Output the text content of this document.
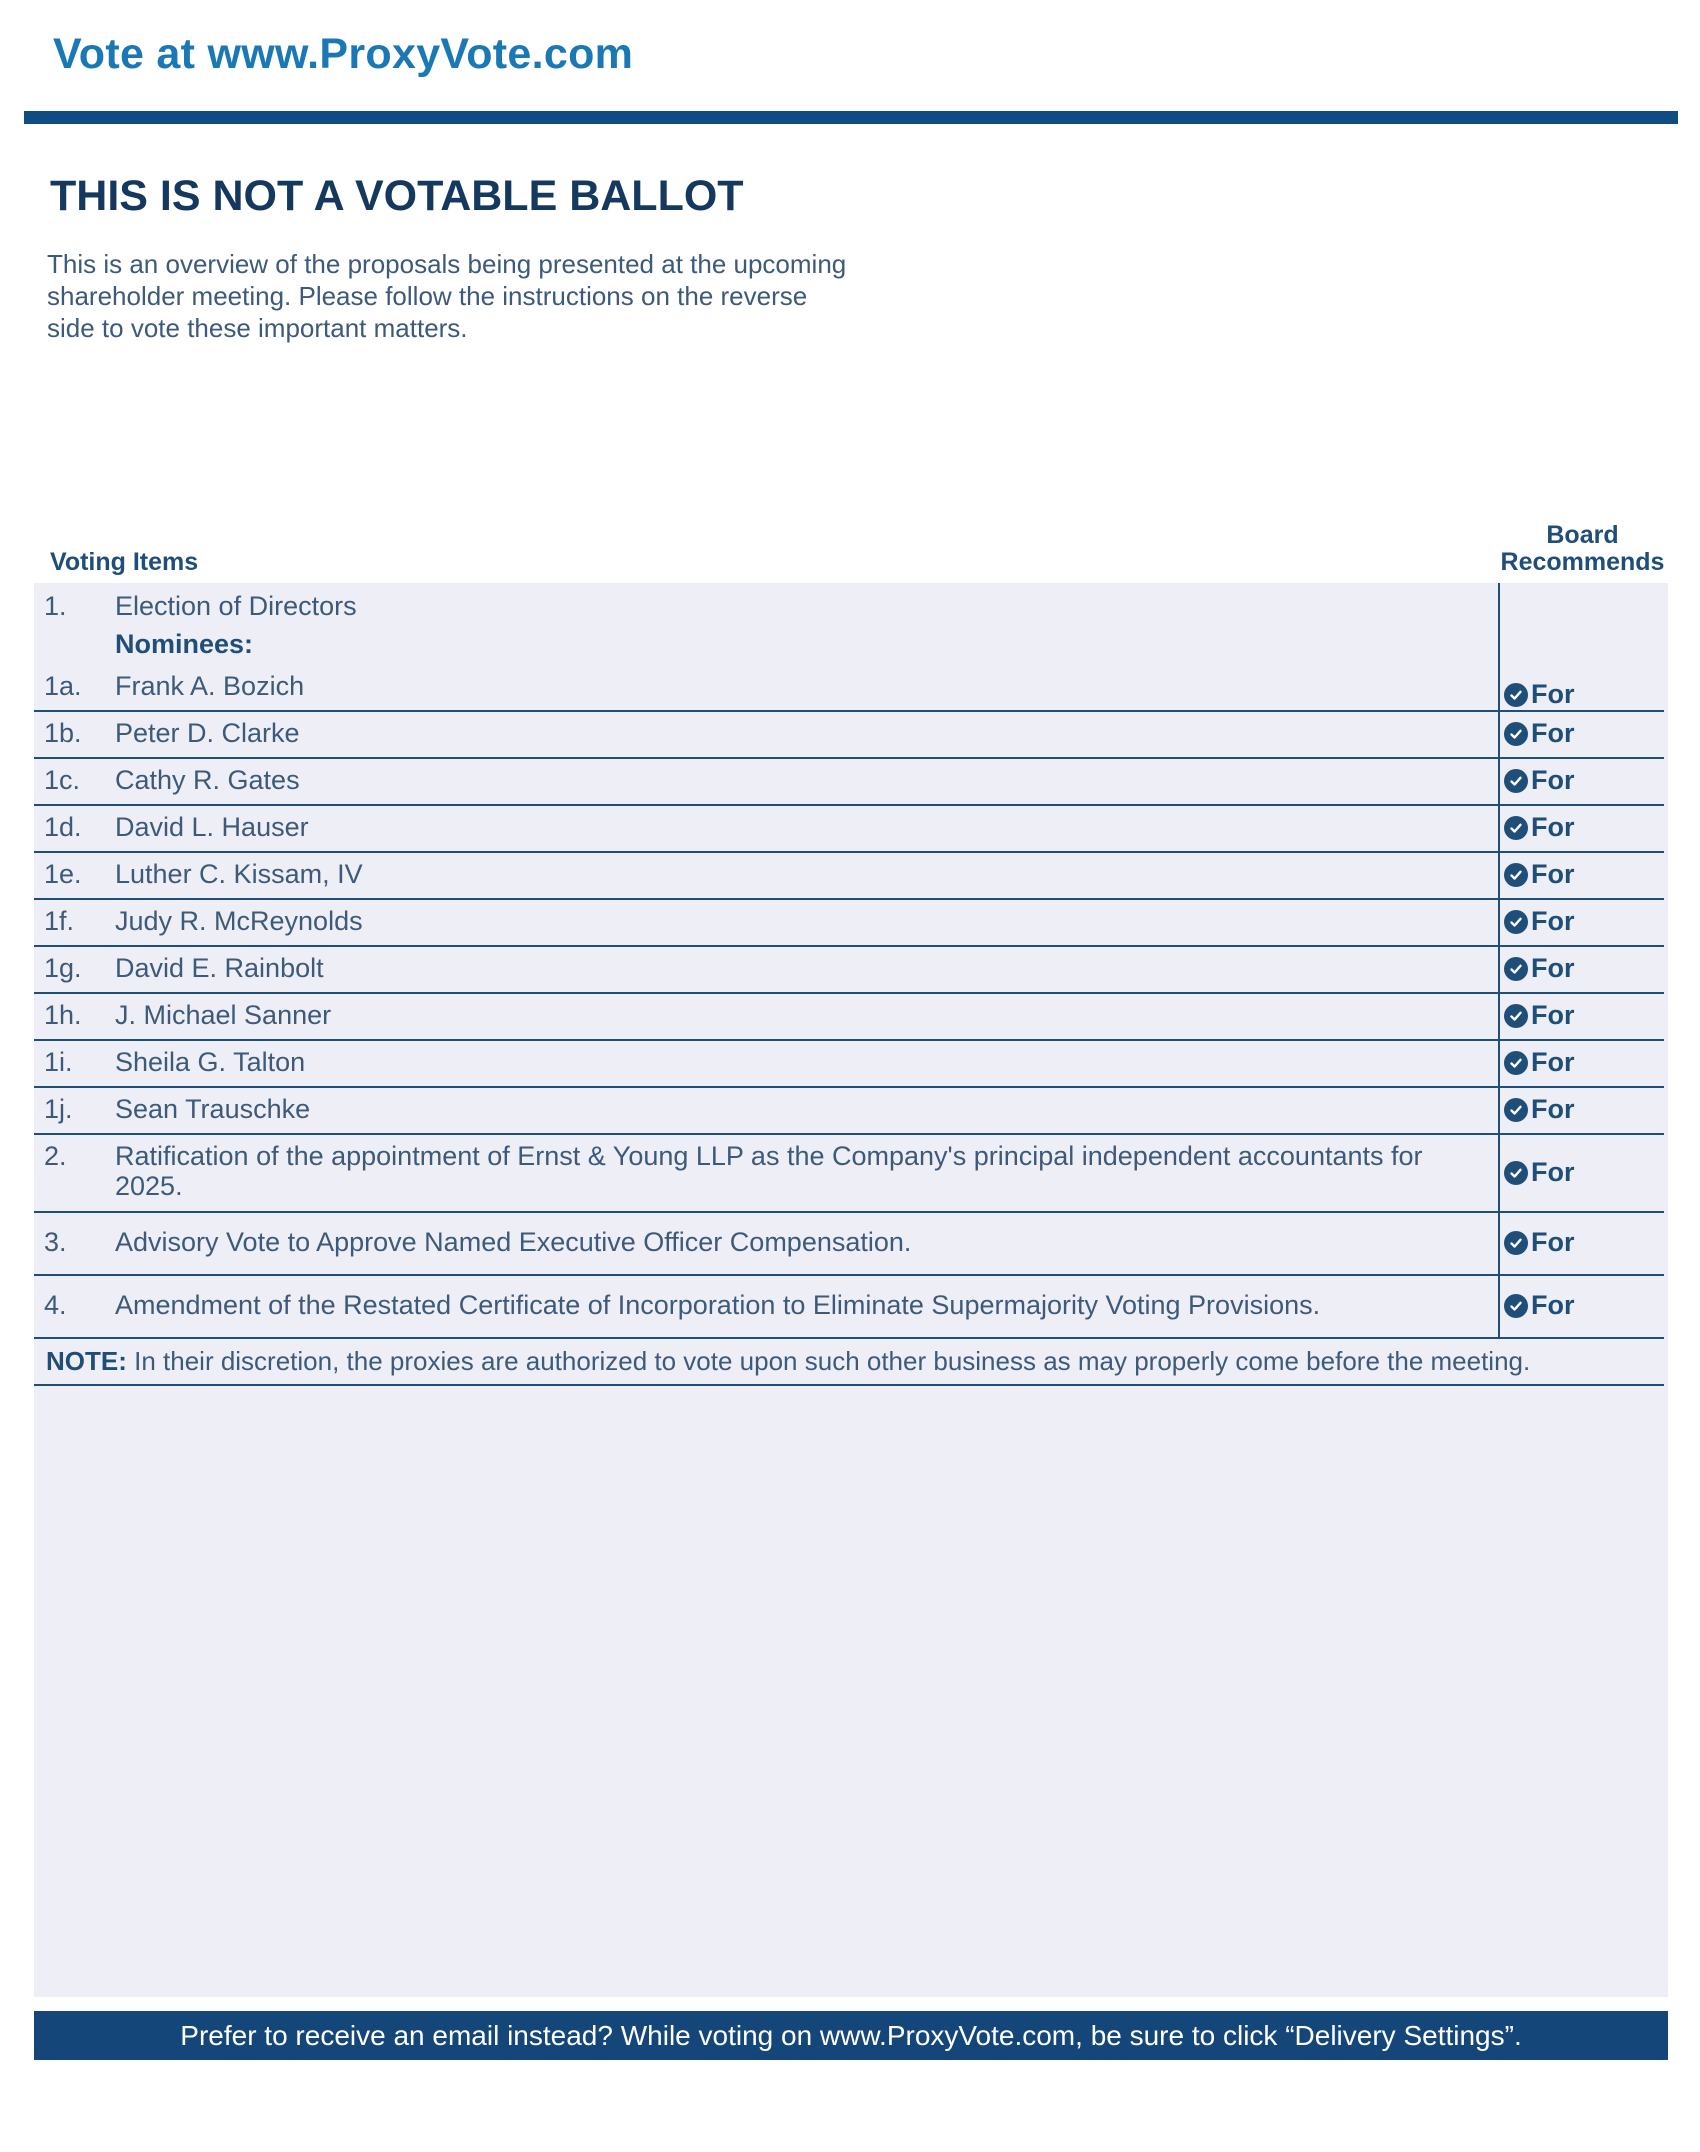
Vote at www.ProxyVote.com
THIS IS NOT A VOTABLE BALLOT
This is an overview of the proposals being presented at the upcoming shareholder meeting. Please follow the instructions on the reverse side to vote these important matters.
Voting Items
Board
Recommends
1. Election of Directors
Nominees:
1a. Frank A. Bozich	For
1b. Peter D. Clarke	For
1c. Cathy R. Gates	For
1d. David L. Hauser	For
1e. Luther C. Kissam, IV	For
1f. Judy R. McReynolds	For
1g. David E. Rainbolt	For
1h. J. Michael Sanner	For
1i. Sheila G. Talton	For
1j. Sean Trauschke	For
2. Ratification of the appointment of Ernst & Young LLP as the Company's principal independent accountants for 2025.	For
3. Advisory Vote to Approve Named Executive Officer Compensation.	For
4. Amendment of the Restated Certificate of Incorporation to Eliminate Supermajority Voting Provisions.	For
NOTE: In their discretion, the proxies are authorized to vote upon such other business as may properly come before the meeting.
Prefer to receive an email instead? While voting on www.ProxyVote.com, be sure to click “Delivery Settings”.
